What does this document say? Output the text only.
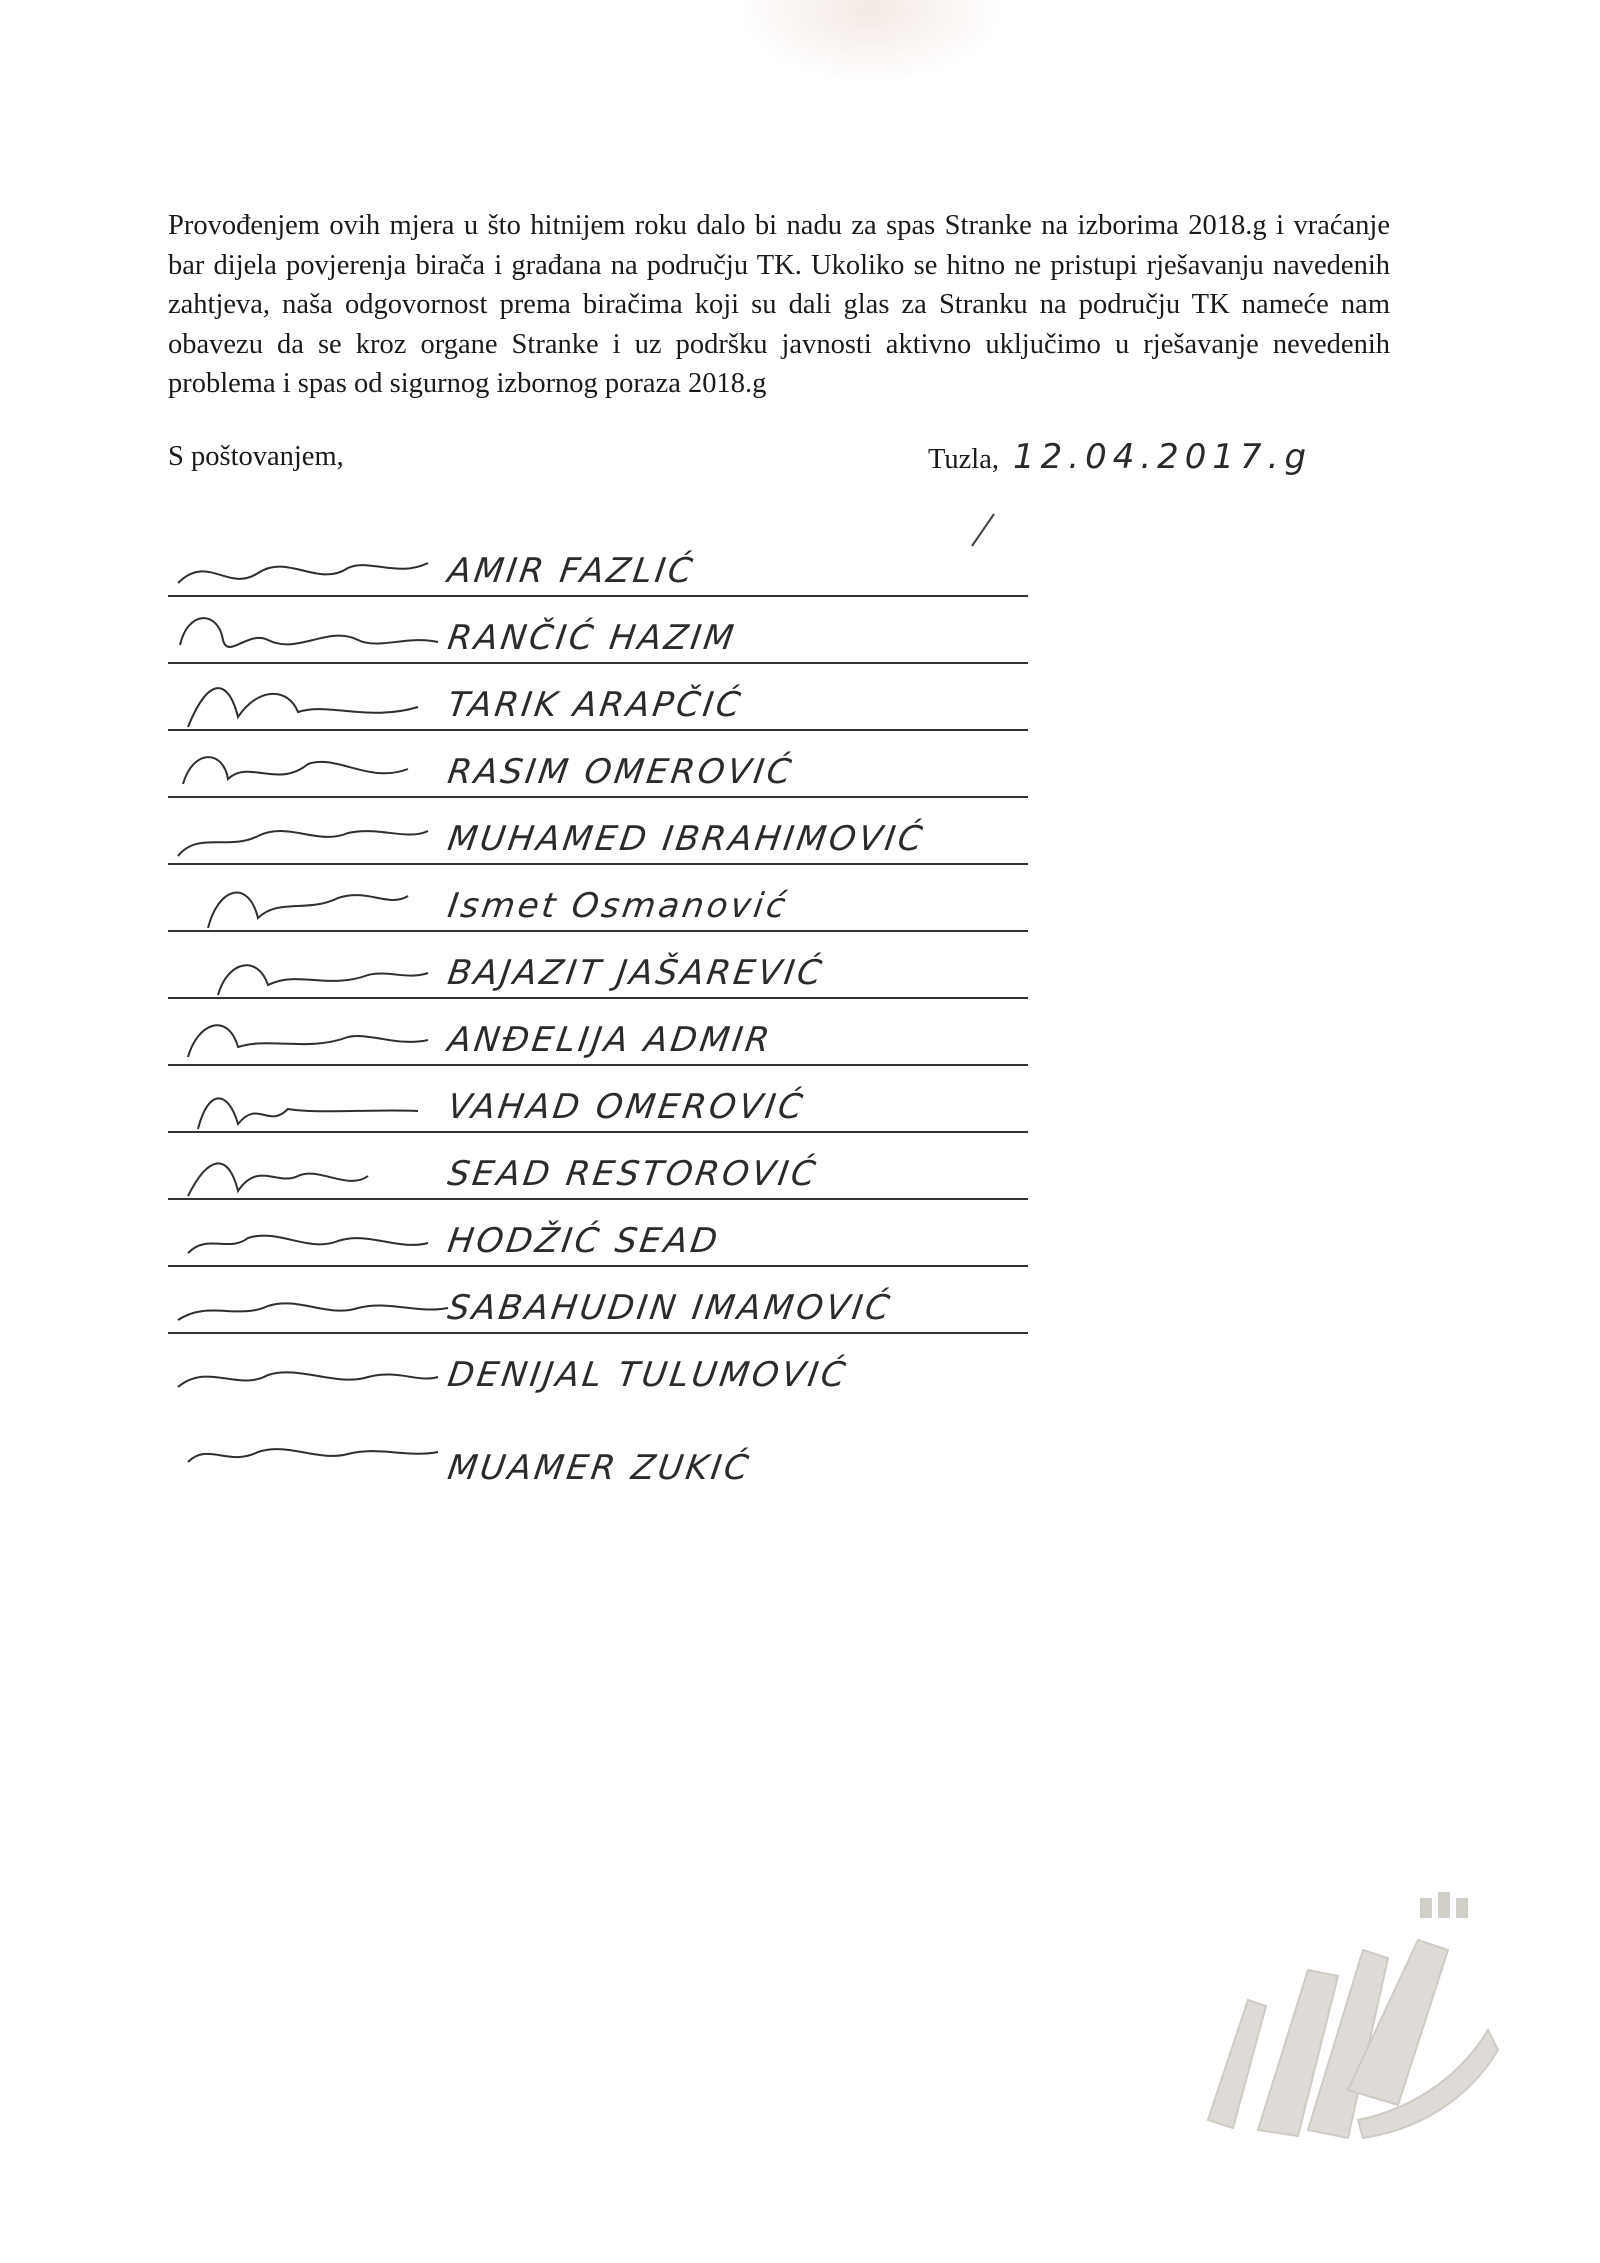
Provođenjem ovih mjera u što hitnijem roku dalo bi nadu za spas Stranke na izborima 2018.g i vraćanje bar dijela povjerenja birača i građana na području TK. Ukoliko se hitno ne pristupi rješavanju navedenih zahtjeva, naša odgovornost prema biračima koji su dali glas za Stranku na području TK nameće nam obavezu da se kroz organe Stranke i uz podršku javnosti aktivno uključimo u rješavanje nevedenih problema i spas od sigurnog izbornog poraza 2018.g

S poštovanjem,	Tuzla, 12.04.2017.g
AMIR FAZLIĆ
RANČIĆ HAZIM
TARIK ARAPČIĆ
RASIM OMEROVIĆ
MUHAMED IBRAHIMOVIĆ
Ismet Osmanović
BAJAZIT JAŠAREVIĆ
ANĐELIJA ADMIR
VAHAD OMEROVIĆ
SEAD RESTOROVIĆ
HODŽIĆ SEAD
SABAHUDIN IMAMOVIĆ
DENIJAL TULUMOVIĆ
MUAMER ZUKIĆ
